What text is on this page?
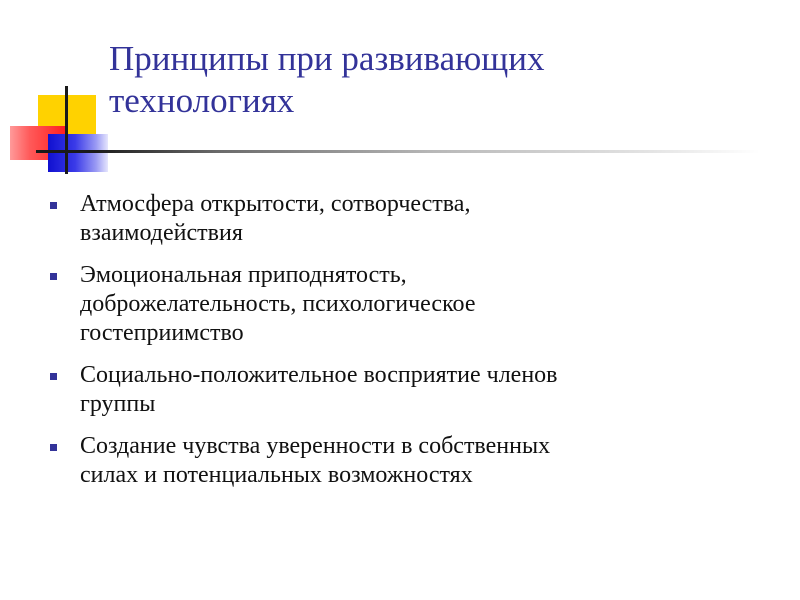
Принципы при развивающих
технологиях
Атмосфера открытости, сотворчества,
взаимодействия
Эмоциональная приподнятость,
доброжелательность, психологическое
гостеприимство
Социально-положительное восприятие членов
группы
Создание чувства уверенности в собственных
силах и потенциальных возможностях
